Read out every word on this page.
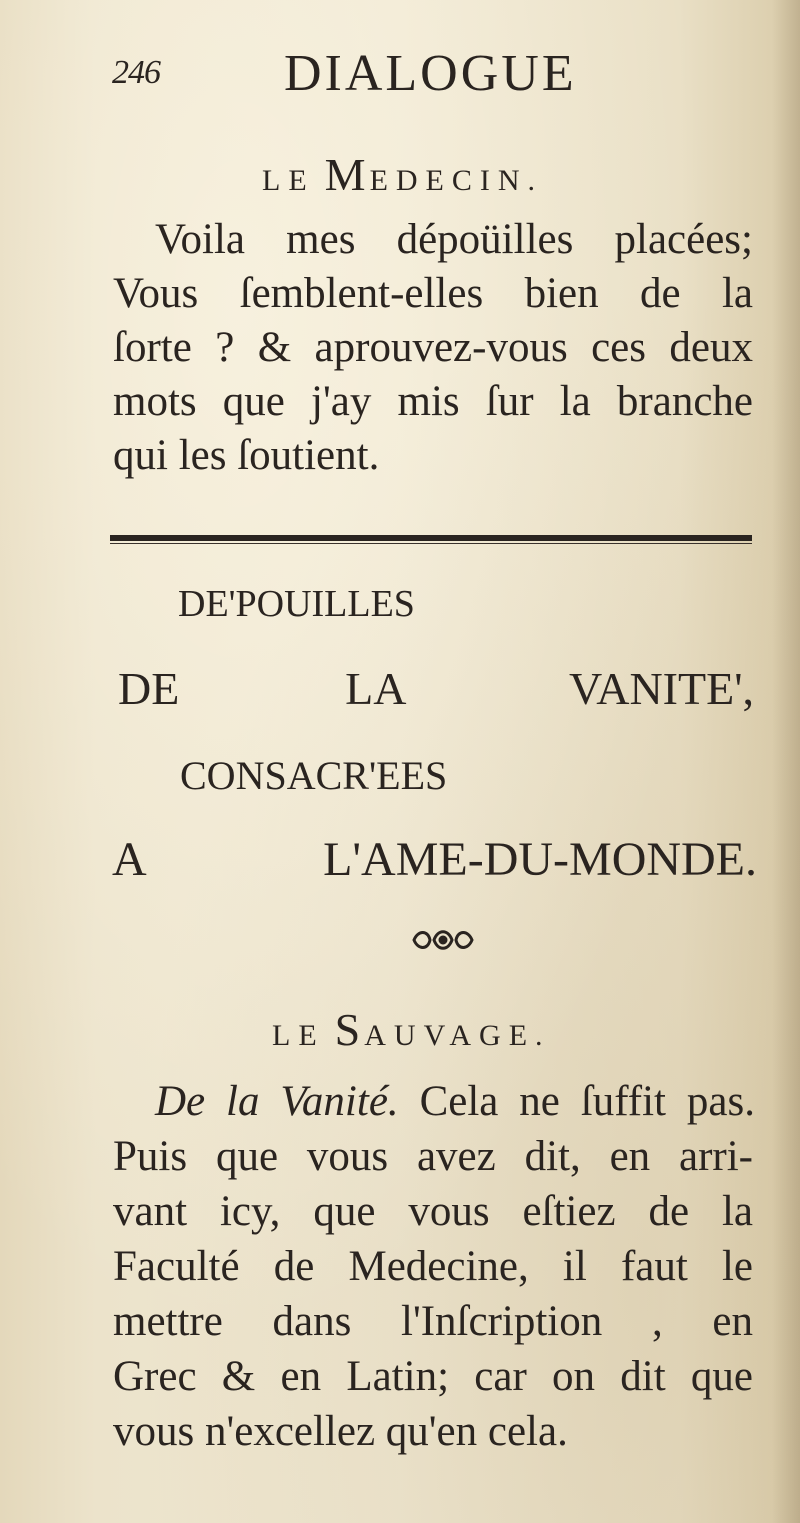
246 DIALOGUE
LE MEDECIN.
Voila mes dépoüilles placées;
Vous ſemblent-elles bien de la
ſorte ? & aprouvez-vous ces deux
mots que j'ay mis ſur la branche
qui les ſoutient.
DE'POUILLES
DE LA VANITE',
CONSACR'EES
A L'AME-DU-MONDE.
LE SAUVAGE.
De la Vanité. Cela ne ſuffit pas.
Puis que vous avez dit, en arri-
vant icy, que vous eſtiez de la
Faculté de Medecine, il faut le
mettre dans l'Inſcription , en
Grec & en Latin; car on dit que
vous n'excellez qu'en cela.
